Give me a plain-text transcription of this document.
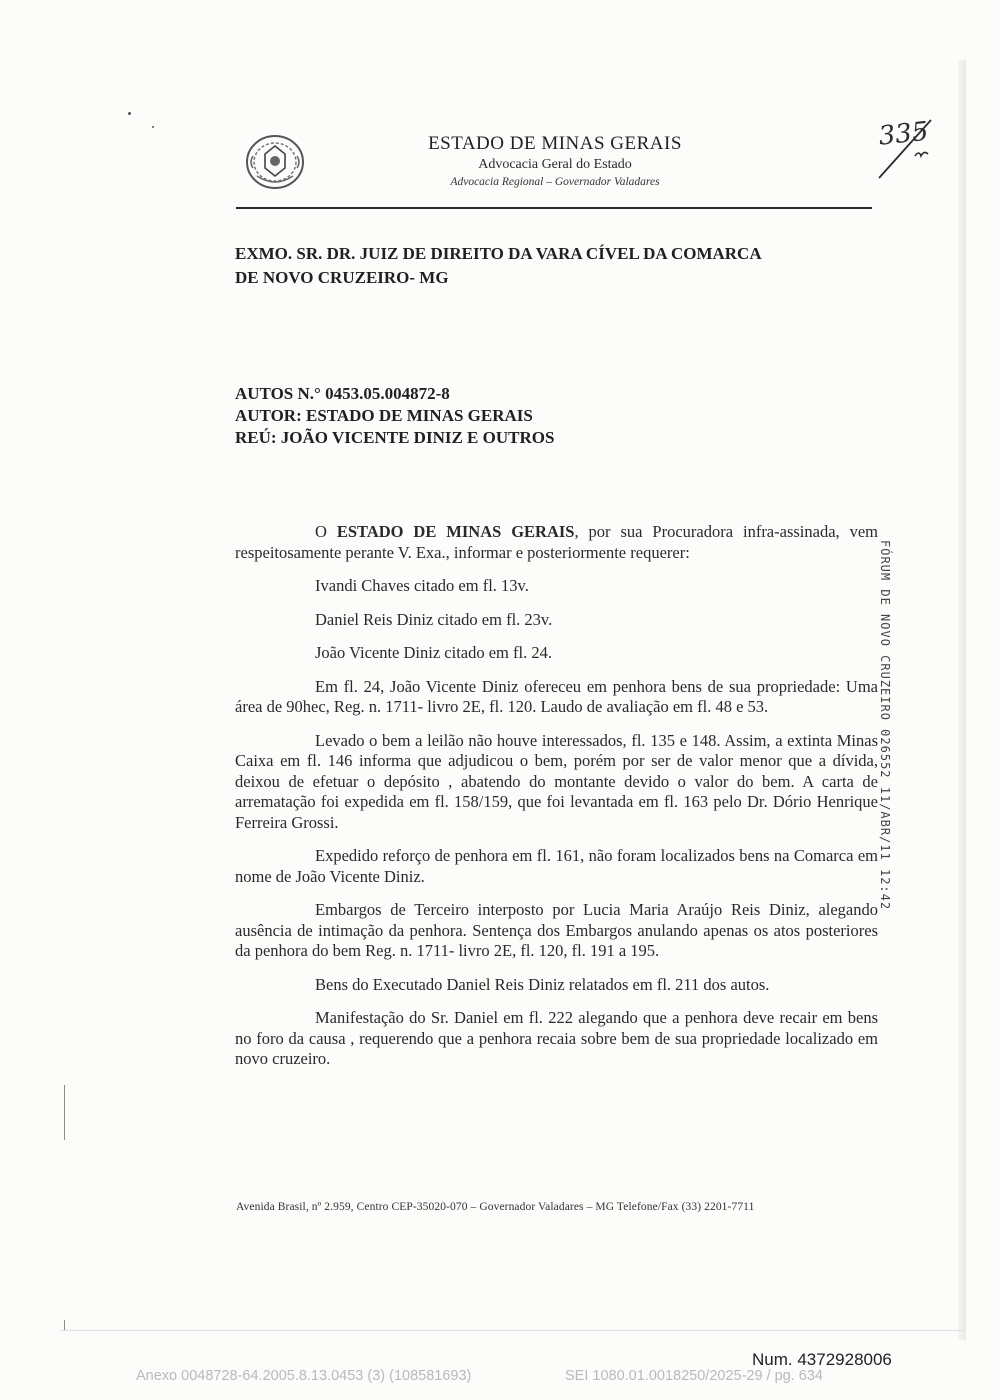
ESTADO DE MINAS GERAIS
Advocacia Geral do Estado
Advocacia Regional – Governador Valadares
335
EXMO. SR. DR. JUIZ DE DIREITO DA VARA CÍVEL DA COMARCA
DE NOVO CRUZEIRO- MG
AUTOS N.° 0453.05.004872-8
AUTOR: ESTADO DE MINAS GERAIS
REÚ: JOÃO VICENTE DINIZ E OUTROS

O ESTADO DE MINAS GERAIS, por sua Procuradora infra-assinada, vem respeitosamente perante V. Exa., informar e posteriormente requerer:

Ivandi Chaves citado em fl. 13v.

Daniel Reis Diniz citado em fl. 23v.

João Vicente Diniz citado em fl. 24.

Em fl. 24, João Vicente Diniz ofereceu em penhora bens de sua propriedade: Uma área de 90hec, Reg. n. 1711- livro 2E, fl. 120. Laudo de avaliação em fl. 48 e 53.

Levado o bem a leilão não houve interessados, fl. 135 e 148. Assim, a extinta Minas Caixa em fl. 146 informa que adjudicou o bem, porém por ser de valor menor que a dívida, deixou de efetuar o depósito , abatendo do montante devido o valor do bem. A carta de arrematação foi expedida em fl. 158/159, que foi levantada em fl. 163 pelo Dr. Dório Henrique Ferreira Grossi.

Expedido reforço de penhora em fl. 161, não foram localizados bens na Comarca em nome de João Vicente Diniz.

Embargos de Terceiro interposto por Lucia Maria Araújo Reis Diniz, alegando ausência de intimação da penhora. Sentença dos Embargos anulando apenas os atos posteriores da penhora do bem Reg. n. 1711- livro 2E, fl. 120, fl. 191 a 195.

Bens do Executado Daniel Reis Diniz relatados em fl. 211 dos autos.

Manifestação do Sr. Daniel em fl. 222 alegando que a penhora deve recair em bens no foro da causa , requerendo que a penhora recaia sobre bem de sua propriedade localizado em novo cruzeiro.

FÓRUM DE NOVO CRUZEIRO 026552 11/ABR/11 12:42
Avenida Brasil, nº 2.959, Centro CEP-35020-070 – Governador Valadares – MG Telefone/Fax (33) 2201-7711
Num. 4372928006
Anexo 0048728-64.2005.8.13.0453 (3) (108581693)	SEI 1080.01.0018250/2025-29 / pg. 634
